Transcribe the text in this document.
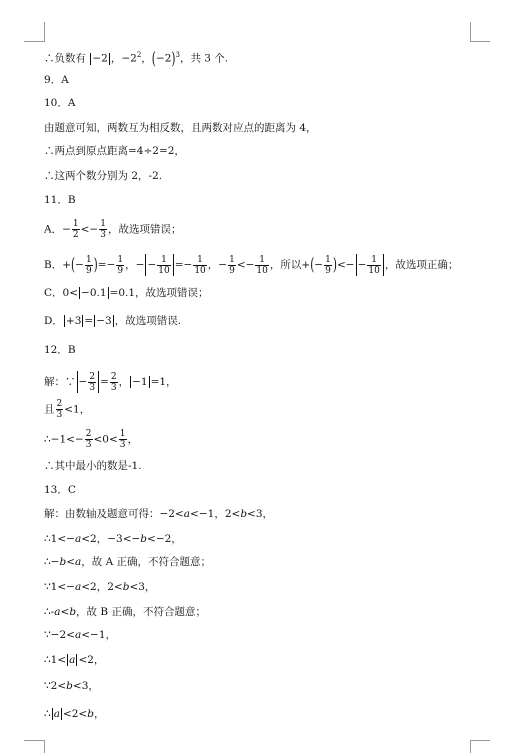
∴负数有 −2 ，$-2^2$，$(-2)^3$，共 3 个.
9．A
10．A
由题意可知，两数互为相反数，且两数对应点的距离为 4，
∴两点到原点距离=4÷2=2，
∴这两个数分别为 2，-2.
11．B
A．− $\frac{1}{2} <- \frac{1}{3}$ ，故选项错误；
B．+(− $\frac{1}{9}$ )=− $\frac{1}{9}$ ，− − $\frac{1}{10} =- \frac{1}{10}$ ，− $\frac{1}{9} <- \frac{1}{10}$ ，所以+(− $\frac{1}{9}$ )<− − $\frac{1}{10}$ ，故选项正确；
C．0< −0.1 =0.1，故选项错误；
D． +3 = −3 ，故选项错误.
12．B
解：∵ − $\frac{2}{3} = \frac{2}{3}$ ， −1 =1，
且 $\frac{2}{3} <1$，
∴−1<− $\frac{2}{3} <0< \frac{1}{3}$ ，
∴其中最小的数是-1.
13．C
解：由数轴及题意可得：−2<a<−1，2<b<3，
∴1<−a<2，−3<−b<−2，
∴−b<a，故 A 正确，不符合题意；
∵1<−a<2，2<b<3，
∴-a<b，故 B 正确，不符合题意；
∵−2<a<−1，
∴1< a <2，
∵2<b<3，
∴ a <2<b，
